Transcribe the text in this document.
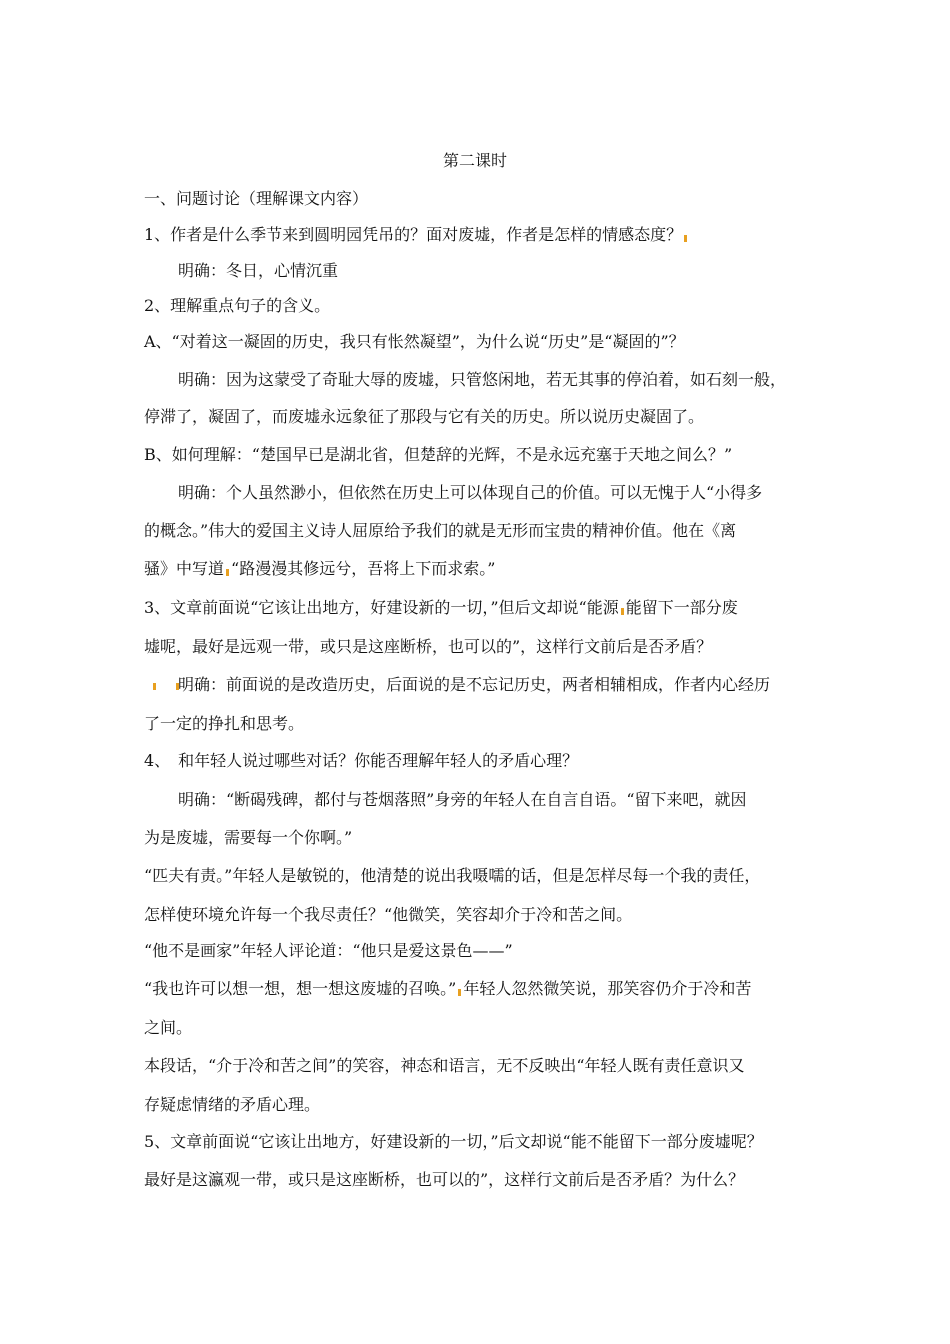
第二课时
一、问题讨论（理解课文内容）
1、作者是什么季节来到圆明园凭吊的？面对废墟，作者是怎样的情感态度？
明确：冬日，心情沉重
2、理解重点句子的含义。
A、“对着这一凝固的历史，我只有怅然凝望”，为什么说“历史”是“凝固的”？
明确：因为这蒙受了奇耻大辱的废墟，只管悠闲地，若无其事的停泊着，如石刻一般，
停滞了，凝固了，而废墟永远象征了那段与它有关的历史。所以说历史凝固了。
B、如何理解：“楚国早已是湖北省，但楚辞的光辉，不是永远充塞于天地之间么？”
明确：个人虽然渺小，但依然在历史上可以体现自己的价值。可以无愧于人“小得多
的概念。”伟大的爱国主义诗人屈原给予我们的就是无形而宝贵的精神价值。他在《离
骚》中写道 “路漫漫其修远兮，吾将上下而求索。”
3、文章前面说“它该让出地方，好建设新的一切，”但后文却说“能源 能留下一部分废
墟呢，最好是远观一带，或只是这座断桥，也可以的”，这样行文前后是否矛盾？
明确：前面说的是改造历史，后面说的是不忘记历史，两者相辅相成，作者内心经历
了一定的挣扎和思考。
4、　和年轻人说过哪些对话？你能否理解年轻人的矛盾心理？
明确：“断碣残碑，都付与苍烟落照”身旁的年轻人在自言自语。“留下来吧，就因
为是废墟，需要每一个你啊。”
“匹夫有责。”年轻人是敏锐的，他清楚的说出我嗫嚅的话，但是怎样尽每一个我的责任，
怎样使环境允许每一个我尽责任？“他微笑，笑容却介于冷和苦之间。
“他不是画家”年轻人评论道：“他只是爱这景色——”
“我也许可以想一想，想一想这废墟的召唤。” 年轻人忽然微笑说，那笑容仍介于冷和苦
之间。
本段话，“介于冷和苦之间”的笑容，神态和语言，无不反映出“年轻人既有责任意识又
存疑虑情绪的矛盾心理。
5、文章前面说“它该让出地方，好建设新的一切，”后文却说“能不能留下一部分废墟呢？
最好是这瀛观一带，或只是这座断桥，也可以的”，这样行文前后是否矛盾？为什么？
